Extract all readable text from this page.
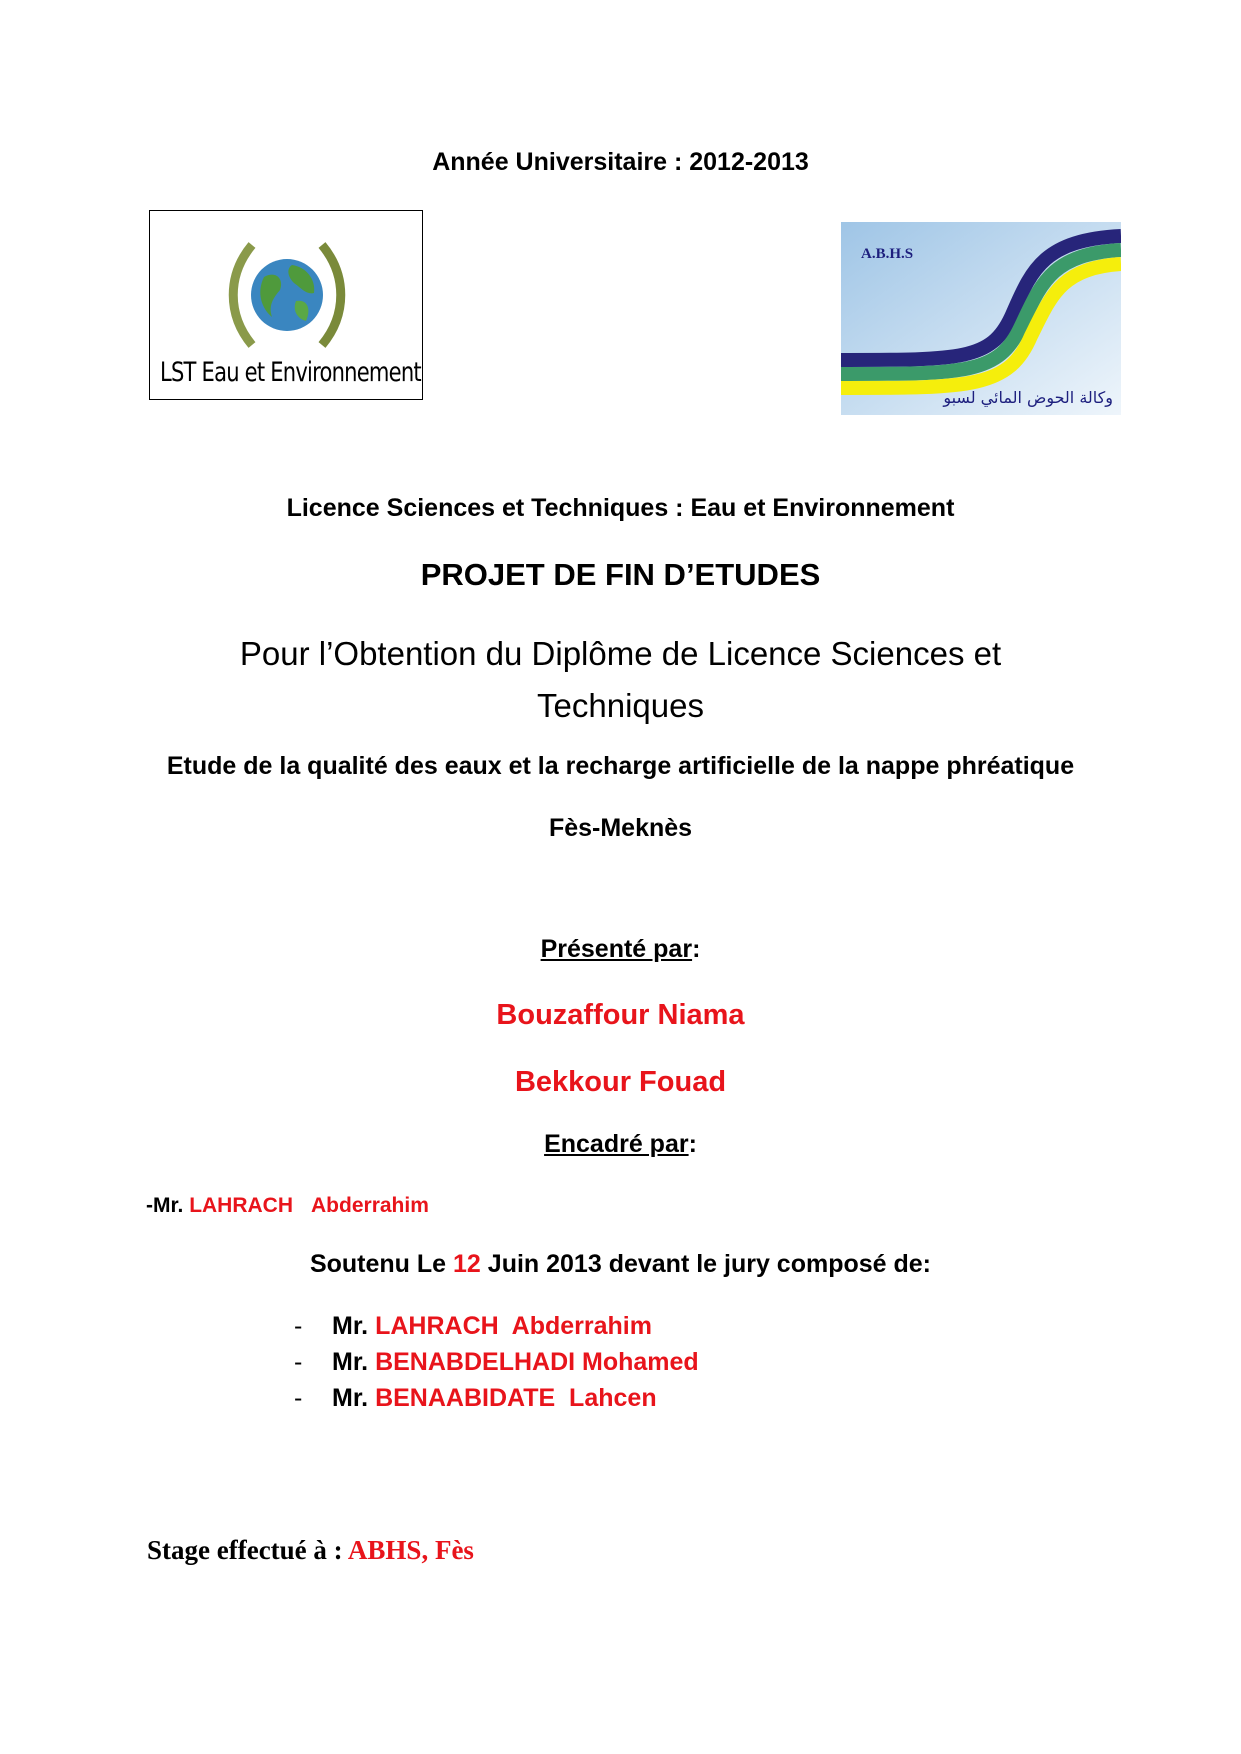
Année Universitaire : 2012-2013
LST Eau et Environnement
A.B.H.S
وكالة الحوض المائي لسبو
Licence Sciences et Techniques : Eau et Environnement
PROJET DE FIN D’ETUDES
Pour l’Obtention du Diplôme de Licence Sciences et Techniques
Etude de la qualité des eaux et la recharge artificielle de la nappe phréatique
Fès-Meknès
Présenté par:
Bouzaffour Niama
Bekkour Fouad
Encadré par:
-Mr. LAHRACH Abderrahim
Soutenu Le 12 Juin 2013 devant le jury composé de:
- Mr. LAHRACH  Abderrahim
- Mr. BENABDELHADI Mohamed
- Mr. BENAABIDATE  Lahcen
Stage effectué à : ABHS, Fès
